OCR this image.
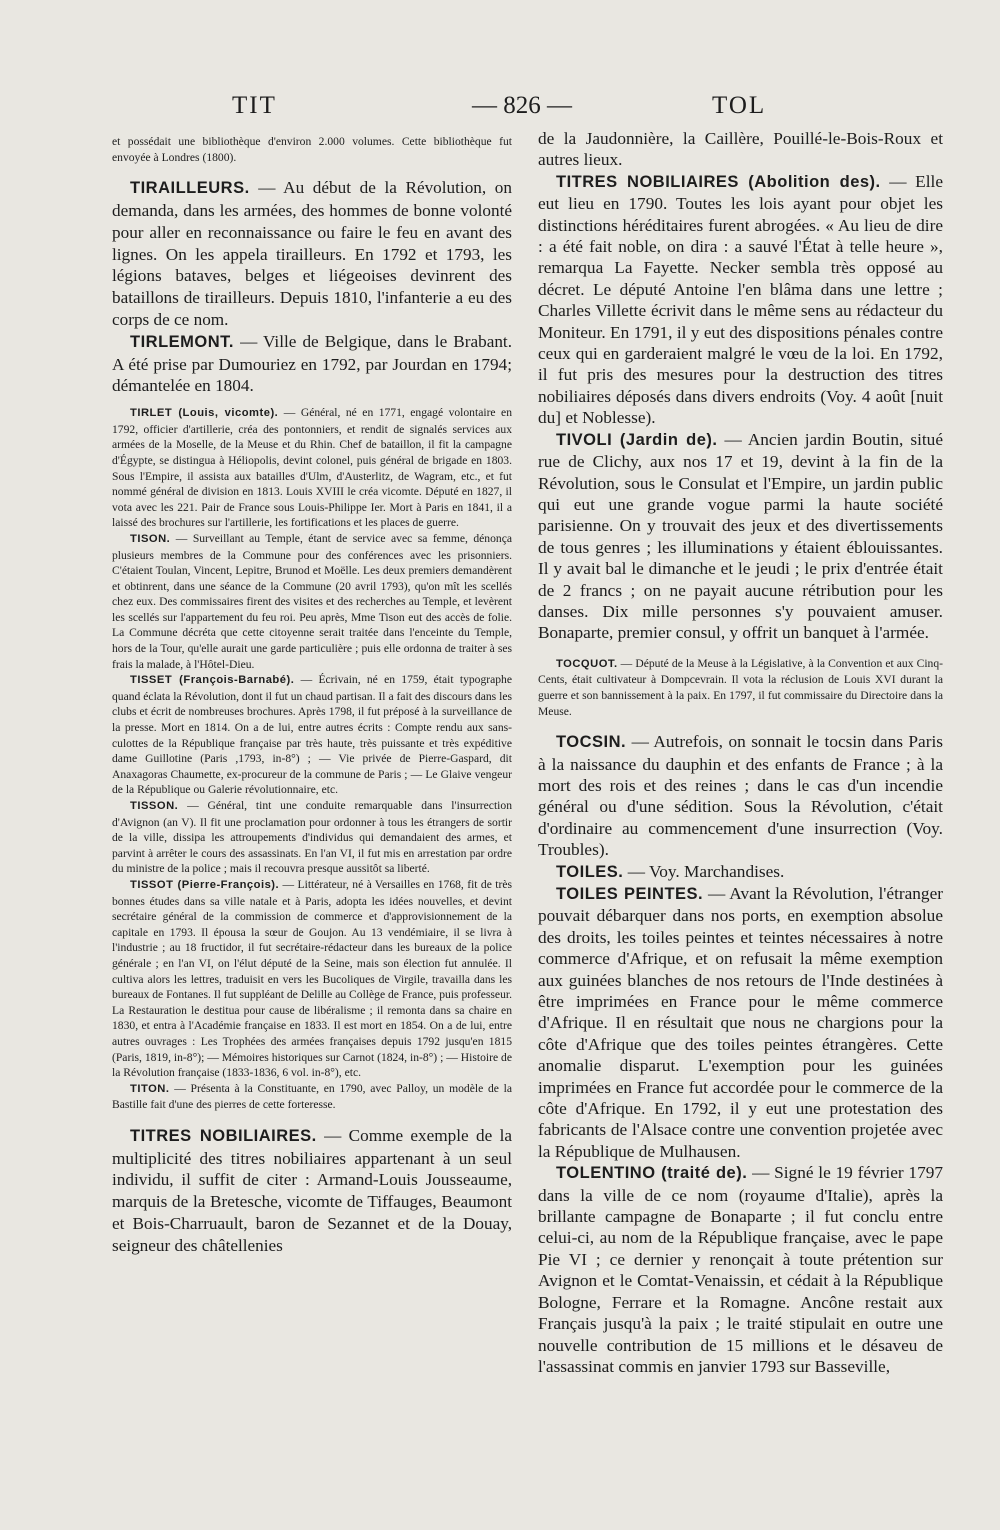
TIT	— 826 —	TOL

et possédait une bibliothèque d'environ 2.000 volumes. Cette bibliothèque fut envoyée à Londres (1800).

TIRAILLEURS. — Au début de la Révolution, on demanda, dans les armées, des hommes de bonne volonté pour aller en reconnaissance ou faire le feu en avant des lignes. On les appela tirailleurs. En 1792 et 1793, les légions bataves, belges et liégeoises devinrent des bataillons de tirailleurs. Depuis 1810, l'infanterie a eu des corps de ce nom.

TIRLEMONT. — Ville de Belgique, dans le Brabant. A été prise par Dumouriez en 1792, par Jourdan en 1794; démantelée en 1804.

TIRLET (Louis, vicomte). — Général, né en 1771, engagé volontaire en 1792, officier d'artillerie, créa des pontonniers, et rendit de signalés services aux armées de la Moselle, de la Meuse et du Rhin. Chef de bataillon, il fit la campagne d'Égypte, se distingua à Héliopolis, devint colonel, puis général de brigade en 1803. Sous l'Empire, il assista aux batailles d'Ulm, d'Austerlitz, de Wagram, etc., et fut nommé général de division en 1813. Louis XVIII le créa vicomte. Député en 1827, il vota avec les 221. Pair de France sous Louis-Philippe Ier. Mort à Paris en 1841, il a laissé des brochures sur l'artillerie, les fortifications et les places de guerre.

TISON. — Surveillant au Temple, étant de service avec sa femme, dénonça plusieurs membres de la Commune pour des conférences avec les prisonniers. C'étaient Toulan, Vincent, Lepitre, Brunod et Moëlle. Les deux premiers demandèrent et obtinrent, dans une séance de la Commune (20 avril 1793), qu'on mît les scellés chez eux. Des commissaires firent des visites et des recherches au Temple, et levèrent les scellés sur l'appartement du feu roi. Peu après, Mme Tison eut des accès de folie. La Commune décréta que cette citoyenne serait traitée dans l'enceinte du Temple, hors de la Tour, qu'elle aurait une garde particulière ; puis elle ordonna de traiter à ses frais la malade, à l'Hôtel-Dieu.

TISSET (François-Barnabé). — Écrivain, né en 1759, était typographe quand éclata la Révolution, dont il fut un chaud partisan. Il a fait des discours dans les clubs et écrit de nombreuses brochures. Après 1798, il fut préposé à la surveillance de la presse. Mort en 1814. On a de lui, entre autres écrits : Compte rendu aux sans-culottes de la République française par très haute, très puissante et très expéditive dame Guillotine (Paris ,1793, in-8°) ; — Vie privée de Pierre-Gaspard, dit Anaxagoras Chaumette, ex-procureur de la commune de Paris ; — Le Glaive vengeur de la République ou Galerie révolutionnaire, etc.

TISSON. — Général, tint une conduite remarquable dans l'insurrection d'Avignon (an V). Il fit une proclamation pour ordonner à tous les étrangers de sortir de la ville, dissipa les attroupements d'individus qui demandaient des armes, et parvint à arrêter le cours des assassinats. En l'an VI, il fut mis en arrestation par ordre du ministre de la police ; mais il recouvra presque aussitôt sa liberté.

TISSOT (Pierre-François). — Littérateur, né à Versailles en 1768, fit de très bonnes études dans sa ville natale et à Paris, adopta les idées nouvelles, et devint secrétaire général de la commission de commerce et d'approvisionnement de la capitale en 1793. Il épousa la sœur de Goujon. Au 13 vendémiaire, il se livra à l'industrie ; au 18 fructidor, il fut secrétaire-rédacteur dans les bureaux de la police générale ; en l'an VI, on l'élut député de la Seine, mais son élection fut annulée. Il cultiva alors les lettres, traduisit en vers les Bucoliques de Virgile, travailla dans les bureaux de Fontanes. Il fut suppléant de Delille au Collège de France, puis professeur. La Restauration le destitua pour cause de libéralisme ; il remonta dans sa chaire en 1830, et entra à l'Académie française en 1833. Il est mort en 1854. On a de lui, entre autres ouvrages : Les Trophées des armées françaises depuis 1792 jusqu'en 1815 (Paris, 1819, in-8°); — Mémoires historiques sur Carnot (1824, in-8°) ; — Histoire de la Révolution française (1833-1836, 6 vol. in-8°), etc.

TITON. — Présenta à la Constituante, en 1790, avec Palloy, un modèle de la Bastille fait d'une des pierres de cette forteresse.

TITRES NOBILIAIRES. — Comme exemple de la multiplicité des titres nobiliaires appartenant à un seul individu, il suffit de citer : Armand-Louis Jousseaume, marquis de la Bretesche, vicomte de Tiffauges, Beaumont et Bois-Charruault, baron de Sezannet et de la Douay, seigneur des châtellenies

de la Jaudonnière, la Caillère, Pouillé-le-Bois-Roux et autres lieux.

TITRES NOBILIAIRES (Abolition des). — Elle eut lieu en 1790. Toutes les lois ayant pour objet les distinctions héréditaires furent abrogées. « Au lieu de dire : a été fait noble, on dira : a sauvé l'État à telle heure », remarqua La Fayette. Necker sembla très opposé au décret. Le député Antoine l'en blâma dans une lettre ; Charles Villette écrivit dans le même sens au rédacteur du Moniteur. En 1791, il y eut des dispositions pénales contre ceux qui en garderaient malgré le vœu de la loi. En 1792, il fut pris des mesures pour la destruction des titres nobiliaires déposés dans divers endroits (Voy. 4 août [nuit du] et Noblesse).

TIVOLI (Jardin de). — Ancien jardin Boutin, situé rue de Clichy, aux nos 17 et 19, devint à la fin de la Révolution, sous le Consulat et l'Empire, un jardin public qui eut une grande vogue parmi la haute société parisienne. On y trouvait des jeux et des divertissements de tous genres ; les illuminations y étaient éblouissantes. Il y avait bal le dimanche et le jeudi ; le prix d'entrée était de 2 francs ; on ne payait aucune rétribution pour les danses. Dix mille personnes s'y pouvaient amuser. Bonaparte, premier consul, y offrit un banquet à l'armée.

TOCQUOT. — Député de la Meuse à la Législative, à la Convention et aux Cinq-Cents, était cultivateur à Dompcevrain. Il vota la réclusion de Louis XVI durant la guerre et son bannissement à la paix. En 1797, il fut commissaire du Directoire dans la Meuse.

TOCSIN. — Autrefois, on sonnait le tocsin dans Paris à la naissance du dauphin et des enfants de France ; à la mort des rois et des reines ; dans le cas d'un incendie général ou d'une sédition. Sous la Révolution, c'était d'ordinaire au commencement d'une insurrection (Voy. Troubles).

TOILES. — Voy. Marchandises.

TOILES PEINTES. — Avant la Révolution, l'étranger pouvait débarquer dans nos ports, en exemption absolue des droits, les toiles peintes et teintes nécessaires à notre commerce d'Afrique, et on refusait la même exemption aux guinées blanches de nos retours de l'Inde destinées à être imprimées en France pour le même commerce d'Afrique. Il en résultait que nous ne chargions pour la côte d'Afrique que des toiles peintes étrangères. Cette anomalie disparut. L'exemption pour les guinées imprimées en France fut accordée pour le commerce de la côte d'Afrique. En 1792, il y eut une protestation des fabricants de l'Alsace contre une convention projetée avec la République de Mulhausen.

TOLENTINO (traité de). — Signé le 19 février 1797 dans la ville de ce nom (royaume d'Italie), après la brillante campagne de Bonaparte ; il fut conclu entre celui-ci, au nom de la République française, avec le pape Pie VI ; ce dernier y renonçait à toute prétention sur Avignon et le Comtat-Venaissin, et cédait à la République Bologne, Ferrare et la Romagne. Ancône restait aux Français jusqu'à la paix ; le traité stipulait en outre une nouvelle contribution de 15 millions et le désaveu de l'assassinat commis en janvier 1793 sur Basseville,
